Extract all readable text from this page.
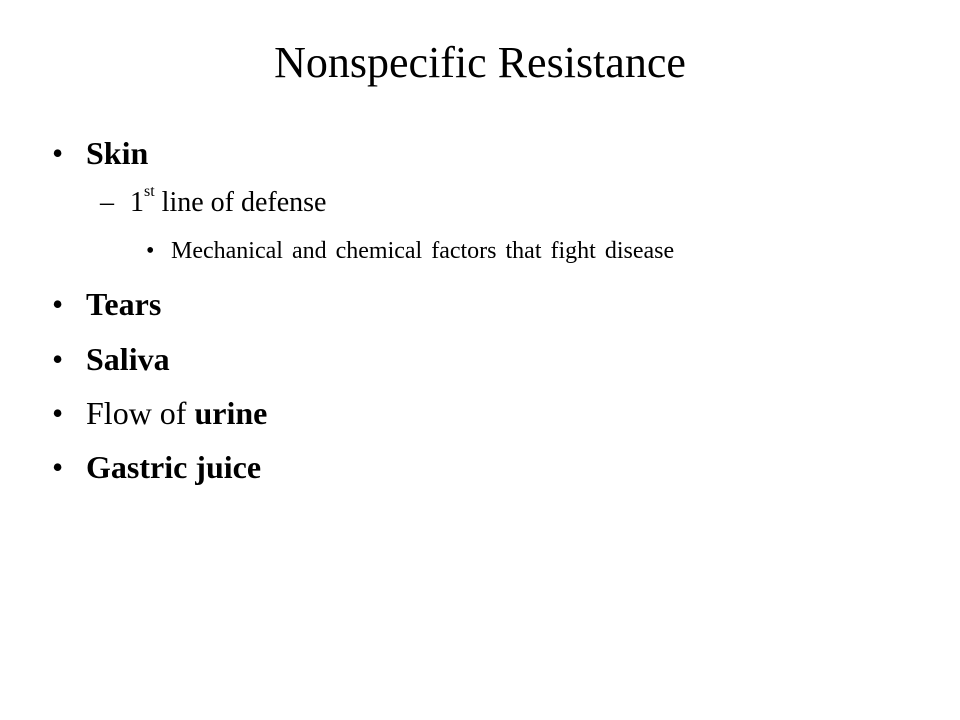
Nonspecific Resistance
• Skin
– 1st line of defense
• Mechanical and chemical factors that fight disease
• Tears
• Saliva
• Flow of urine
• Gastric juice
